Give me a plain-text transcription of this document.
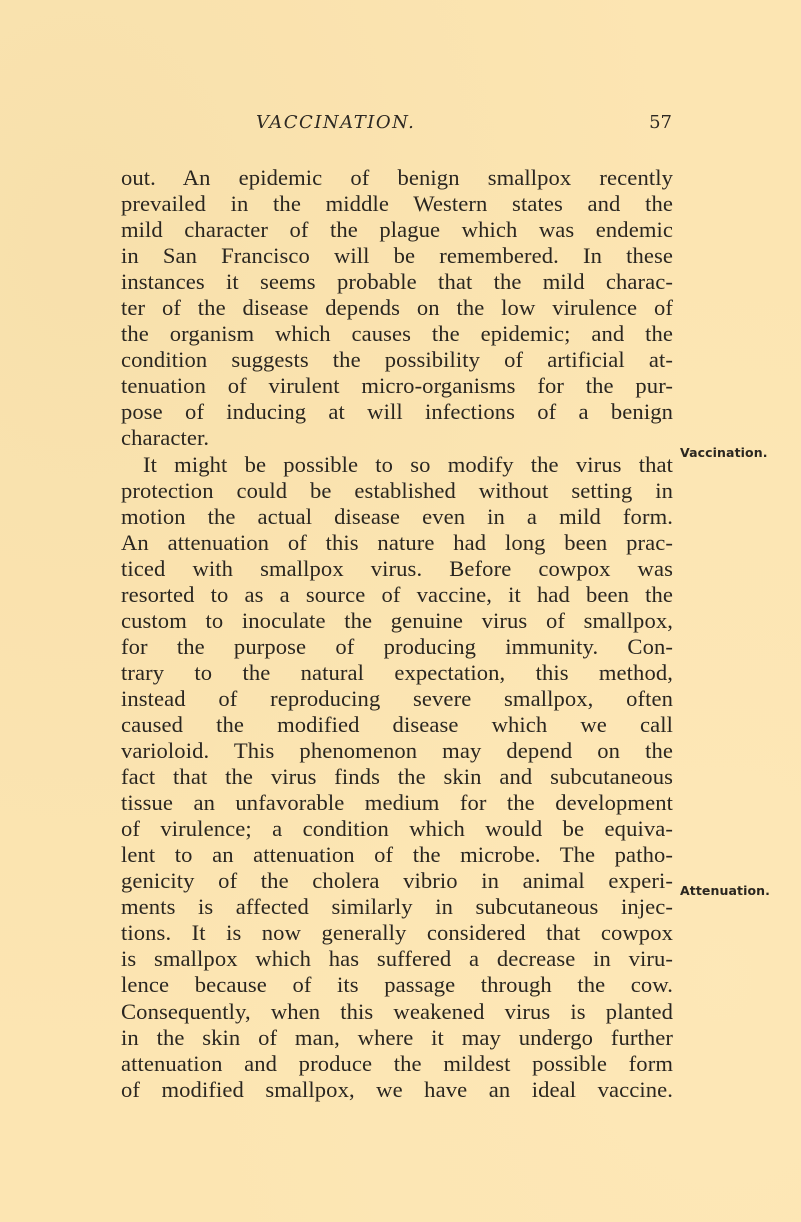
VACCINATION.	57

out. An epidemic of benign smallpox recently
prevailed in the middle Western states and the
mild character of the plague which was endemic
in San Francisco will be remembered. In these
instances it seems probable that the mild charac-
ter of the disease depends on the low virulence of
the organism which causes the epidemic; and the
condition suggests the possibility of artificial at-
tenuation of virulent micro-organisms for the pur-
pose of inducing at will infections of a benign
character.

It might be possible to so modify the virus that
protection could be established without setting in
motion the actual disease even in a mild form.
An attenuation of this nature had long been prac-
ticed with smallpox virus. Before cowpox was
resorted to as a source of vaccine, it had been the
custom to inoculate the genuine virus of smallpox,
for the purpose of producing immunity. Con-
trary to the natural expectation, this method,
instead of reproducing severe smallpox, often
caused the modified disease which we call
varioloid. This phenomenon may depend on the
fact that the virus finds the skin and subcutaneous
tissue an unfavorable medium for the development
of virulence; a condition which would be equiva-
lent to an attenuation of the microbe. The patho-
genicity of the cholera vibrio in animal experi-
ments is affected similarly in subcutaneous injec-
tions. It is now generally considered that cowpox
is smallpox which has suffered a decrease in viru-
lence because of its passage through the cow.
Consequently, when this weakened virus is planted
in the skin of man, where it may undergo further
attenuation and produce the mildest possible form
of modified smallpox, we have an ideal vaccine.

Vaccination.
Attenuation.
